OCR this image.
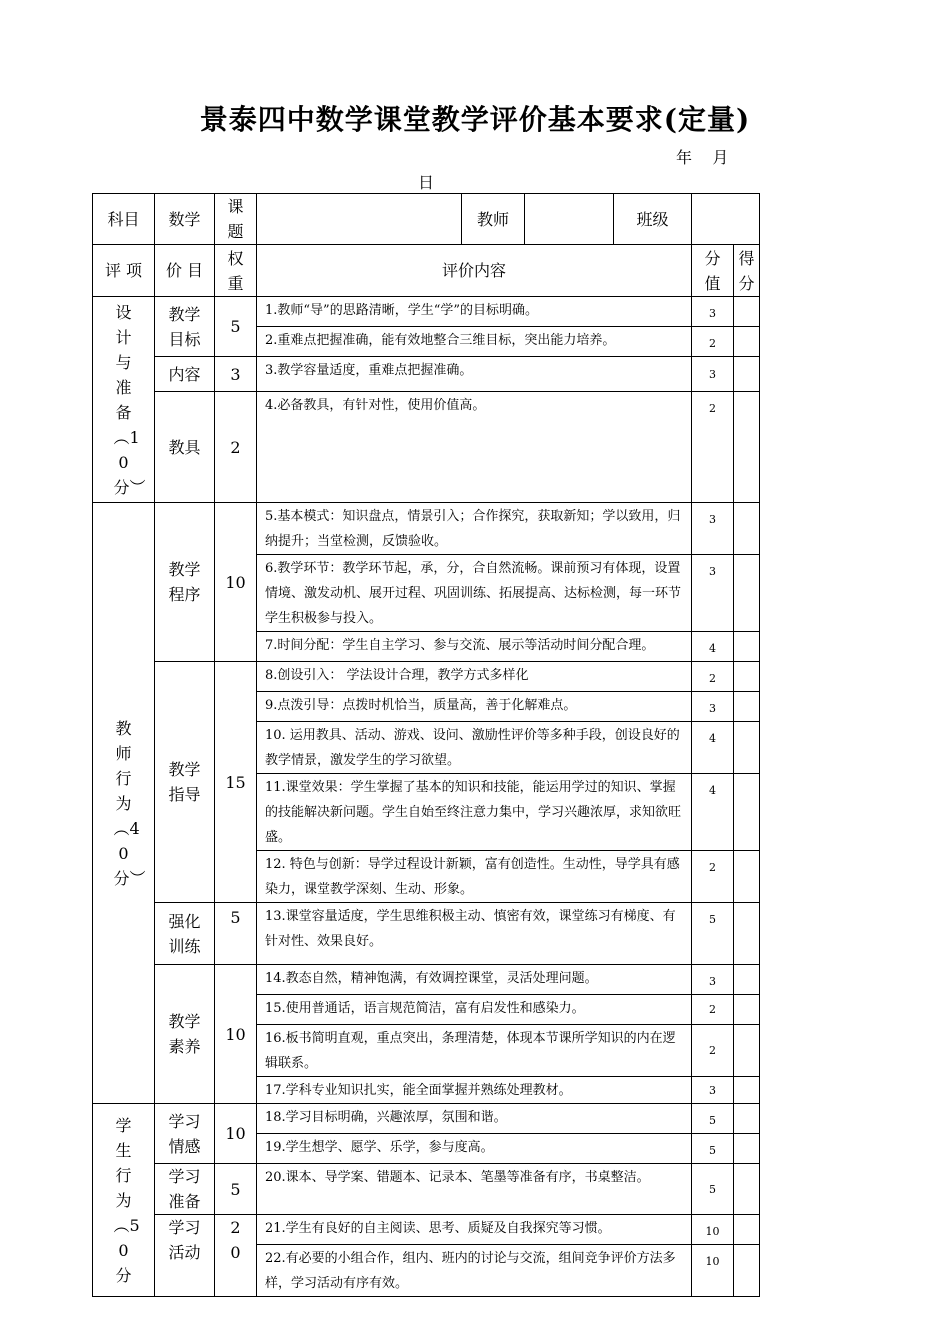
景泰四中数学课堂教学评价基本要求(定量)
年    月
日
科目	数学	课题		教师		班级		

评 项	价 目	权重	评价内容				分值	得分

设计与准备︵10分︶	教学目标	5	1.教师“导”的思路清晰，学生“学”的目标明确。				3	
			2.重难点把握准确，能有效地整合三维目标，突出能力培养。				2	
	内容	3	3.教学容量适度，重难点把握准确。				3	
	教具	2	4.必备教具，有针对性，使用价值高。				2	

教师行为︵40分︶	教学程序	10	5.基本模式：知识盘点，情景引入；合作探究，获取新知；学以致用，归纳提升；当堂检测，反馈验收。				3	
			6.教学环节：教学环节起，承，分，合自然流畅。课前预习有体现，设置情境、激发动机、展开过程、巩固训练、拓展提高、达标检测，每一环节学生积极参与投入。				3	
			7.时间分配：学生自主学习、参与交流、展示等活动时间分配合理。				4	

	教学指导	15	8.创设引入： 学法设计合理，教学方式多样化				2	
			9.点泼引导：点拨时机恰当，质量高，善于化解难点。				3	
			10. 运用教具、活动、游戏、设问、激励性评价等多种手段，创设良好的教学情景，激发学生的学习欲望。				4	
			11.课堂效果：学生掌握了基本的知识和技能，能运用学过的知识、掌握的技能解决新问题。学生自始至终注意力集中，学习兴趣浓厚，求知欲旺盛。				4	
			12. 特色与创新：导学过程设计新颖，富有创造性。生动性，导学具有感染力，课堂教学深刻、生动、形象。				2	

	强化训练	5	13.课堂容量适度，学生思维积极主动、慎密有效，课堂练习有梯度、有针对性、效果良好。				5	

	教学素养	10	14.教态自然，精神饱满，有效调控课堂，灵活处理问题。				3	
			15.使用普通话，语言规范简洁，富有启发性和感染力。				2	
			16.板书简明直观，重点突出，条理清楚，体现本节课所学知识的内在逻辑联系。				2	
			17.学科专业知识扎实，能全面掌握并熟练处理教材。				3	

学生行为︵50分	学习情感	10	18.学习目标明确，兴趣浓厚，氛围和谐。				5	
			19.学生想学、愿学、乐学，参与度高。				5	

	学习准备	5	20.课本、导学案、错题本、记录本、笔墨等准备有序，书桌整洁。				5	

	学习活动	20	21.学生有良好的自主阅读、思考、质疑及自我探究等习惯。				10	
			22.有必要的小组合作，组内、班内的讨论与交流，组间竞争评价方法多样，学习活动有序有效。				10	
